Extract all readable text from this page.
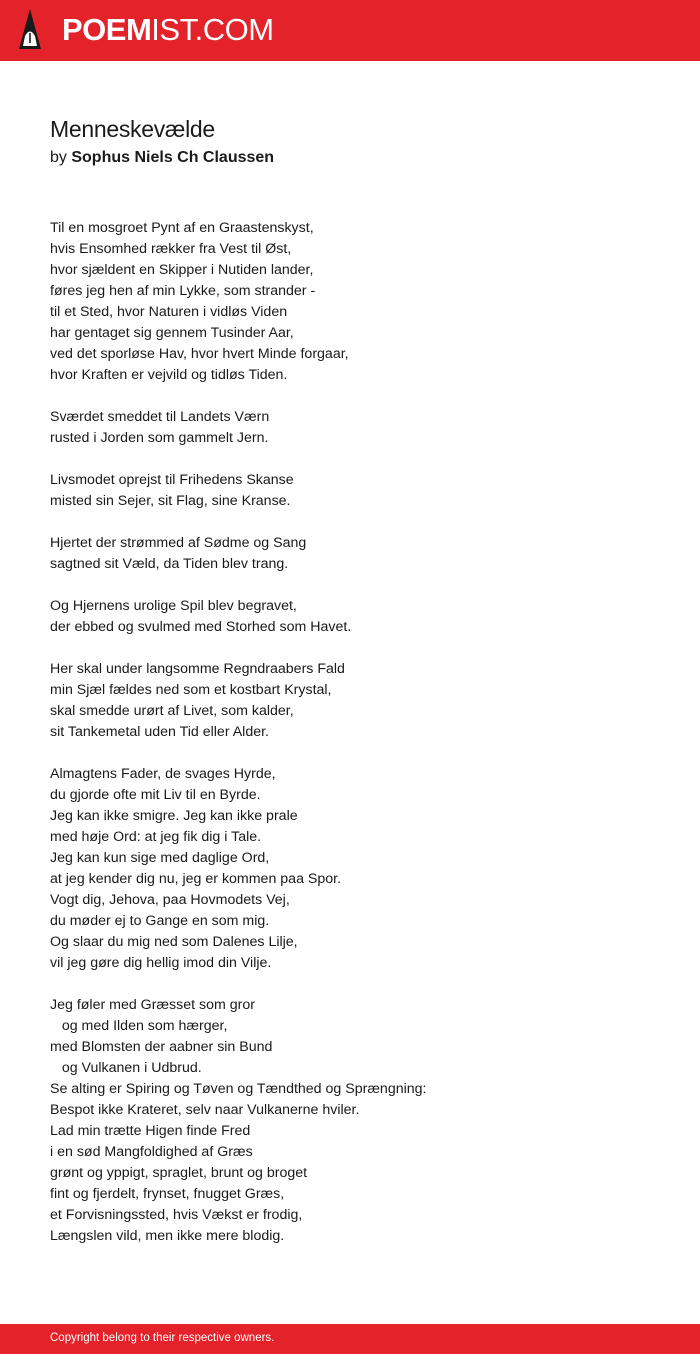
POEMIST.COM
Menneskevælde
by Sophus Niels Ch Claussen
Til en mosgroet Pynt af en Graastenskyst,
hvis Ensomhed rækker fra Vest til Øst,
hvor sjældent en Skipper i Nutiden lander,
føres jeg hen af min Lykke, som strander -
til et Sted, hvor Naturen i vidløs Viden
har gentaget sig gennem Tusinder Aar,
ved det sporløse Hav, hvor hvert Minde forgaar,
hvor Kraften er vejvild og tidløs Tiden.
Sværdet smeddet til Landets Værn
rusted i Jorden som gammelt Jern.
Livsmodet oprejst til Frihedens Skanse
misted sin Sejer, sit Flag, sine Kranse.
Hjertet der strømmed af Sødme og Sang
sagtned sit Væld, da Tiden blev trang.
Og Hjernens urolige Spil blev begravet,
der ebbed og svulmed med Storhed som Havet.
Her skal under langsomme Regndraabers Fald
min Sjæl fældes ned som et kostbart Krystal,
skal smedde urørt af Livet, som kalder,
sit Tankemetal uden Tid eller Alder.
Almagtens Fader, de svages Hyrde,
du gjorde ofte mit Liv til en Byrde.
Jeg kan ikke smigre. Jeg kan ikke prale
med høje Ord: at jeg fik dig i Tale.
Jeg kan kun sige med daglige Ord,
at jeg kender dig nu, jeg er kommen paa Spor.
Vogt dig, Jehova, paa Hovmodets Vej,
du møder ej to Gange en som mig.
Og slaar du mig ned som Dalenes Lilje,
vil jeg gøre dig hellig imod din Vilje.
Jeg føler med Græsset som gror
og med Ilden som hærger,
med Blomsten der aabner sin Bund
og Vulkanen i Udbrud.
Se alting er Spiring og Tøven og Tændthed og Sprængning:
Bespot ikke Krateret, selv naar Vulkanerne hviler.
Lad min trætte Higen finde Fred
i en sød Mangfoldighed af Græs
grønt og yppigt, spraglet, brunt og broget
fint og fjerdelt, frynset, fnugget Græs,
et Forvisningssted, hvis Vækst er frodig,
Længslen vild, men ikke mere blodig.
Copyright belong to their respective owners.
